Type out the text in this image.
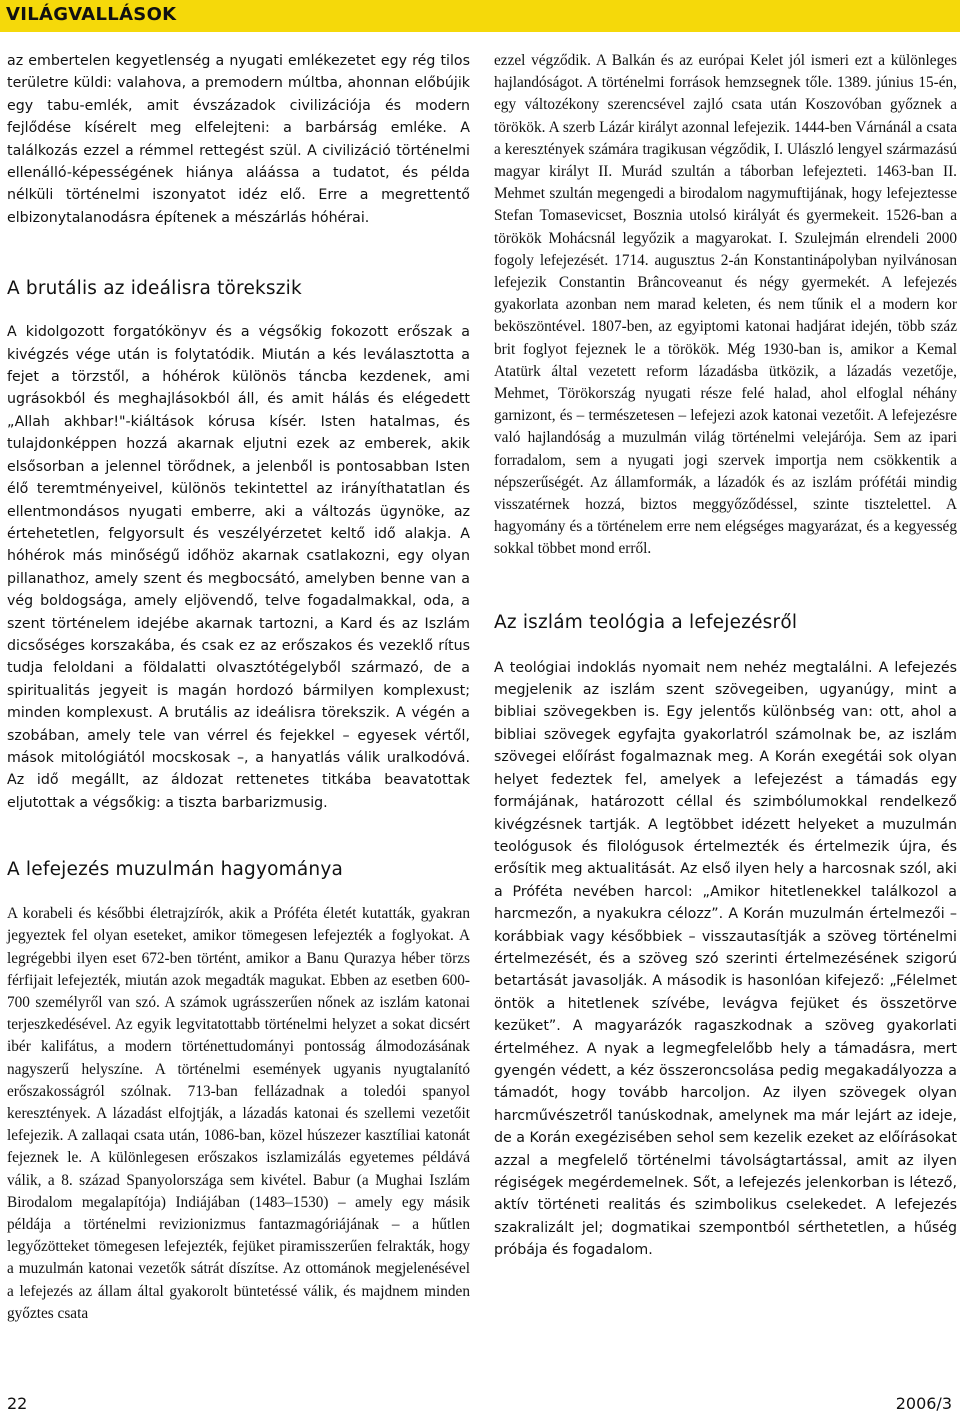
VILÁGVALLÁSOK

az embertelen kegyetlenség a nyugati emlékezetet egy rég tilos területre küldi: valahova, a premodern múltba, ahonnan előbújik egy tabu-emlék, amit évszázadok civilizációja és modern fejlődése kísérelt meg elfelejteni: a barbárság emléke. A találkozás ezzel a rémmel rettegést szül. A civilizáció történelmi ellenálló-képességének hiánya aláássa a tudatot, és példa nélküli történelmi iszonyatot idéz elő. Erre a megrettentő elbizonytalanodásra építenek a mészárlás hóhérai.

A brutális az ideálisra törekszik

A kidolgozott forgatókönyv és a végsőkig fokozott erőszak a kivégzés vége után is folytatódik. Miután a kés leválasztotta a fejet a törzstől, a hóhérok különös táncba kezdenek, ami ugrásokból és meghajlásokból áll, és amit hálás és elégedett „Allah akhbar!"-kiáltások kórusa kísér. Isten hatalmas, és tulajdonképpen hozzá akarnak eljutni ezek az emberek, akik elsősorban a jelennel törődnek, a jelenből is pontosabban Isten élő teremtményeivel, különös tekintettel az irányíthatatlan és ellentmondásos nyugati emberre, aki a változás ügynöke, az értehetetlen, felgyorsult és veszélyérzetet keltő idő alakja. A hóhérok más minőségű időhöz akarnak csatlakozni, egy olyan pillanathoz, amely szent és megbocsátó, amelyben benne van a vég boldogsága, amely eljövendő, telve fogadalmakkal, oda, a szent történelem idejébe akarnak tartozni, a Kard és az Iszlám dicsőséges korszakába, és csak ez az erőszakos és vezeklő rítus tudja feloldani a földalatti olvasztótégelyből származó, de a spiritualitás jegyeit is magán hordozó bármilyen komplexust; minden komplexust. A brutális az ideálisra törekszik. A végén a szobában, amely tele van vérrel és fejekkel – egyesek vértől, mások mitológiától mocskosak –, a hanyatlás válik uralkodóvá. Az idő megállt, az áldozat rettenetes titkába beavatottak eljutottak a végsőkig: a tiszta barbarizmusig.

A lefejezés muzulmán hagyománya

A korabeli és későbbi életrajzírók, akik a Próféta életét kutatták, gyakran jegyeztek fel olyan eseteket, amikor tömegesen lefejezték a foglyokat. A legrégebbi ilyen eset 672-ben történt, amikor a Banu Qurazya héber törzs férfijait lefejezték, miután azok megadták magukat. Ebben az esetben 600-700 személyről van szó. A számok ugrásszerűen nőnek az iszlám katonai terjeszkedésével. Az egyik legvitatottabb történelmi helyzet a sokat dicsért ibér kalifátus, a modern történettudományi pontosság álmodozásának nagyszerű helyszíne. A történelmi események ugyanis nyugtalanító erőszakosságról szólnak. 713-ban fellázadnak a toledói spanyol keresztények. A lázadást elfojtják, a lázadás katonai és szellemi vezetőit lefejezik. A zallaqai csata után, 1086-ban, közel húszezer kasztíliai katonát fejeznek le. A különlegesen erőszakos iszlamizálás egyetemes példává válik, a 8. század Spanyolországa sem kivétel. Babur (a Mughai Iszlám Birodalom megalapítója) Indiájában (1483–1530) – amely egy másik példája a történelmi revizionizmus fantazmagóriájának – a hűtlen legyőzötteket tömegesen lefejezték, fejüket piramisszerűen felrakták, hogy a muzulmán katonai vezetők sátrát díszítse. Az ottománok megjelenésével a lefejezés az állam által gyakorolt büntetéssé válik, és majdnem minden győztes csata

ezzel végződik. A Balkán és az európai Kelet jól ismeri ezt a különleges hajlandóságot. A történelmi források hemzsegnek tőle. 1389. június 15-én, egy változékony szerencsével zajló csata után Koszovóban győznek a törökök. A szerb Lázár királyt azonnal lefejezik. 1444-ben Várnánál a csata a keresztények számára tragikusan végződik, I. Ulászló lengyel származású magyar királyt II. Murád szultán a táborban lefejezteti. 1463-ban II. Mehmet szultán megengedi a birodalom nagymuftijának, hogy lefejeztesse Stefan Tomasevicset, Bosznia utolsó királyát és gyermekeit. 1526-ban a törökök Mohácsnál legyőzik a magyarokat. I. Szulejmán elrendeli 2000 fogoly lefejezését. 1714. augusztus 2-án Konstantinápolyban nyilvánosan lefejezik Constantin Brâncoveanut és négy gyermekét. A lefejezés gyakorlata azonban nem marad keleten, és nem tűnik el a modern kor beköszöntével. 1807-ben, az egyiptomi katonai hadjárat idején, több száz brit foglyot fejeznek le a törökök. Még 1930-ban is, amikor a Kemal Atatürk által vezetett reform lázadásba ütközik, a lázadás vezetője, Mehmet, Törökország nyugati része felé halad, ahol elfoglal néhány garnizont, és – természetesen – lefejezi azok katonai vezetőit. A lefejezésre való hajlandóság a muzulmán világ történelmi velejárója. Sem az ipari forradalom, sem a nyugati jogi szervek importja nem csökkentik a népszerűségét. Az államformák, a lázadók és az iszlám prófétái mindig visszatérnek hozzá, biztos meggyőződéssel, szinte tisztelettel. A hagyomány és a történelem erre nem elégséges magyarázat, és a kegyesség sokkal többet mond erről.

Az iszlám teológia a lefejezésről

A teológiai indoklás nyomait nem nehéz megtalálni. A lefejezés megjelenik az iszlám szent szövegeiben, ugyanúgy, mint a bibliai szövegekben is. Egy jelentős különbség van: ott, ahol a bibliai szövegek egyfajta gyakorlatról számolnak be, az iszlám szövegei előírást fogalmaznak meg. A Korán exegétái sok olyan helyet fedeztek fel, amelyek a lefejezést a támadás egy formájának, határozott céllal és szimbólumokkal rendelkező kivégzésnek tartják. A legtöbbet idézett helyeket a muzulmán teológusok és filológusok értelmezték és értelmezik újra, és erősítik meg aktualitását. Az első ilyen hely a harcosnak szól, aki a Próféta nevében harcol: „Amikor hitetlenekkel találkozol a harcmezőn, a nyakukra célozz”. A Korán muzulmán értelmezői – korábbiak vagy későbbiek – visszautasítják a szöveg történelmi értelmezését, és a szöveg szó szerinti értelmezésének szigorú betartását javasolják. A második is hasonlóan kifejező: „Félelmet öntök a hitetlenek szívébe, levágva fejüket és összetörve kezüket”. A magyarázók ragaszkodnak a szöveg gyakorlati értelméhez. A nyak a legmegfelelőbb hely a támadásra, mert gyengén védett, a kéz összeroncsolása pedig megakadályozza a támadót, hogy tovább harcoljon. Az ilyen szövegek olyan harcművészetről tanúskodnak, amelynek ma már lejárt az ideje, de a Korán exegézisében sehol sem kezelik ezeket az előírásokat azzal a megfelelő történelmi távolságtartással, amit az ilyen régiségek megérdemelnek. Sőt, a lefejezés jelenkorban is létező, aktív történeti realitás és szimbolikus cselekedet. A lefejezés szakralizált jel; dogmatikai szempontból sérthetetlen, a hűség próbája és fogadalom.

22	2006/3
